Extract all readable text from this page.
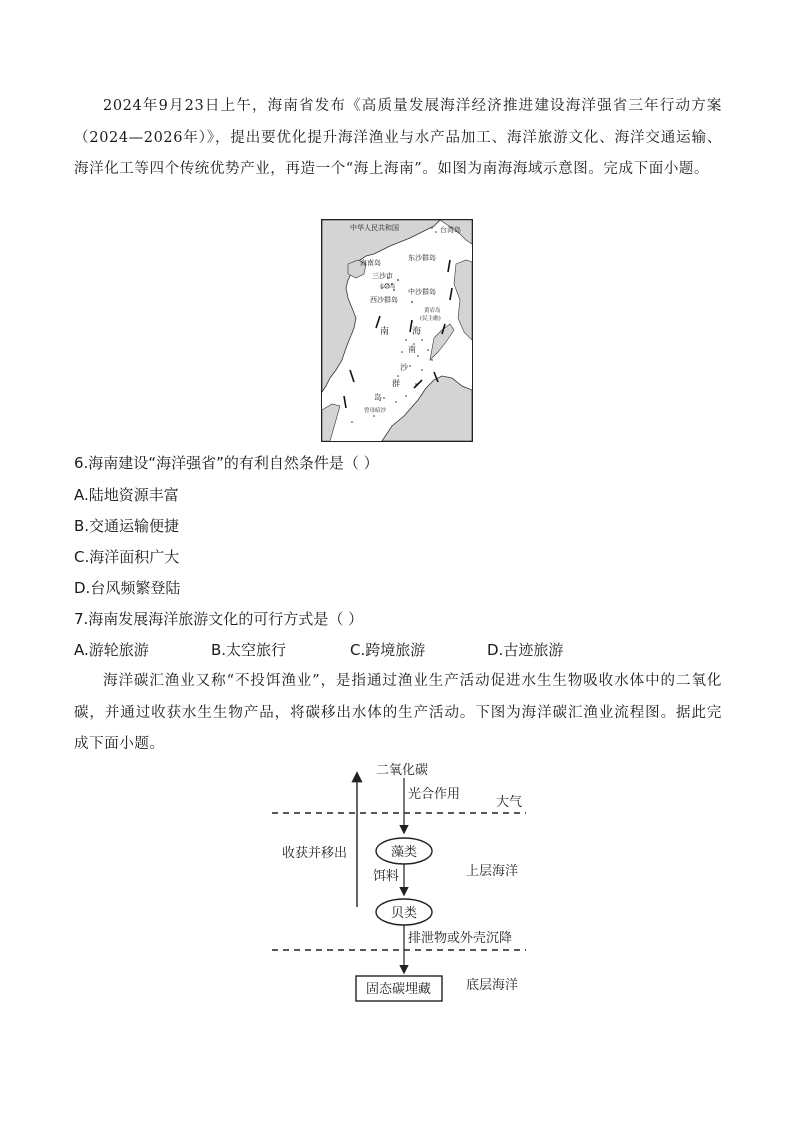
2024年9月23日上午，海南省发布《高质量发展海洋经济推进建设海洋强省三年行动方案（2024—2026年）》，提出要优化提升海洋渔业与水产品加工、海洋旅游文化、海洋交通运输、海洋化工等四个传统优势产业，再造一个“海上海南”。如图为南海海域示意图。完成下面小题。
中华人民共和国	台湾岛
海南岛
东沙群岛
三沙市
永兴岛
中沙群岛
西沙群岛
黄岩岛
(民主礁)
南	海
南
沙
群
岛
曾母暗沙
6.海南建设“海洋强省”的有利自然条件是（ ）
A.陆地资源丰富
B.交通运输便捷
C.海洋面积广大
D.台风频繁登陆
7.海南发展海洋旅游文化的可行方式是（ ）
A.游轮旅游	B.太空旅行	C.跨境旅游	D.古迹旅游
海洋碳汇渔业又称“不投饵渔业”，是指通过渔业生产活动促进水生生物吸收水体中的二氧化碳，并通过收获水生生物产品，将碳移出水体的生产活动。下图为海洋碳汇渔业流程图。据此完成下面小题。
二氧化碳
光合作用
大气
收获并移出	藻类
饵料	上层海洋
贝类
排泄物或外壳沉降
固态碳埋藏	底层海洋
